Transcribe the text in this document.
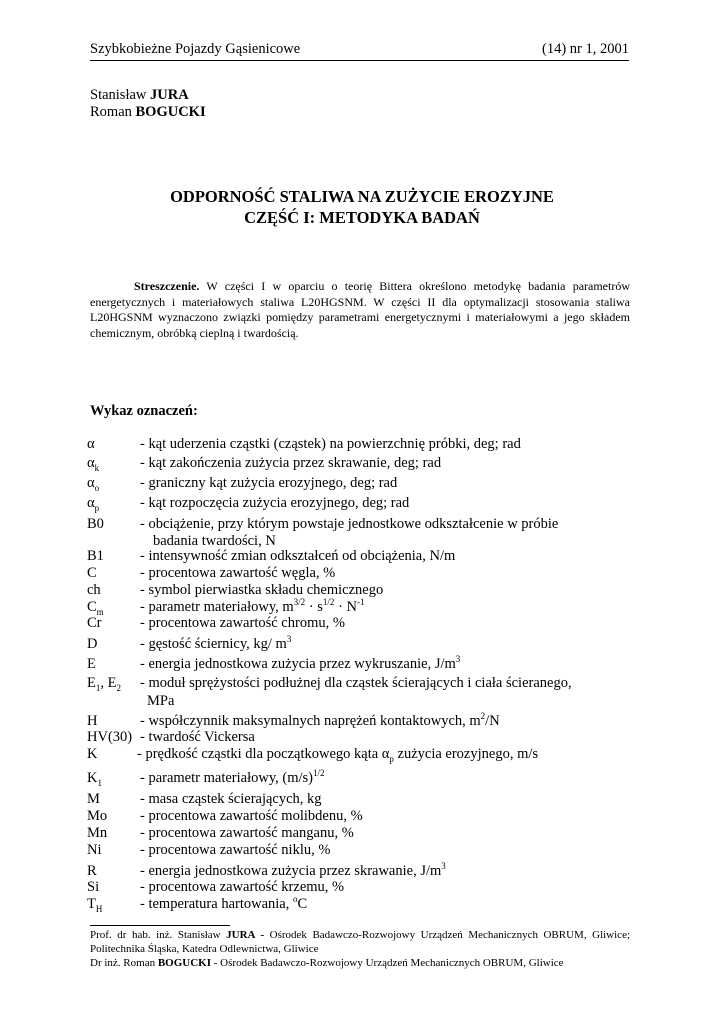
Szybkobieżne Pojazdy Gąsienicowe	(14) nr 1, 2001
Stanisław JURA
Roman BOGUCKI
ODPORNOŚĆ STALIWA NA ZUŻYCIE EROZYJNE
CZĘŚĆ I: METODYKA BADAŃ
Streszczenie. W części I w oparciu o teorię Bittera określono metodykę badania parametrów energetycznych i materiałowych staliwa L20HGSNM. W części II dla optymalizacji stosowania staliwa L20HGSNM wyznaczono związki pomiędzy parametrami energetycznymi i materiałowymi a jego składem chemicznym, obróbką cieplną i twardością.
Wykaz oznaczeń:
α	- kąt uderzenia cząstki (cząstek) na powierzchnię próbki, deg; rad
$\alpha_k$	- kąt zakończenia zużycia przez skrawanie, deg; rad
$\alpha_o$	- graniczny kąt zużycia erozyjnego, deg; rad
$\alpha_p$	- kąt rozpoczęcia zużycia erozyjnego, deg; rad
B0 - obciążenie, przy którym powstaje jednostkowe odkształcenie w próbie
badania twardości, N
B1 - intensywność zmian odkształceń od obciążenia, N/m
C	- procentowa zawartość węgla, %
ch	- symbol pierwiastka składu chemicznego
$C_m$	- parametr materiałowy, $m^{3/2} \cdot s^{1/2} \cdot N^{-1}$
Cr	- procentowa zawartość chromu, %
D	- gęstość ściernicy, kg/ $m^3$
E	- energia jednostkowa zużycia przez wykruszanie, $J/m^3$
$E_1$, $E_2$ - moduł sprężystości podłużnej dla cząstek ścierających i ciała ścieranego,
MPa
H	- współczynnik maksymalnych naprężeń kontaktowych, $m^2/N$
HV(30) - twardość Vickersa
K	- prędkość cząstki dla początkowego kąta $\alpha_p$ zużycia erozyjnego, m/s
$K_1$	- parametr materiałowy, $(m/s)^{1/2}$
M	- masa cząstek ścierających, kg
Mo - procentowa zawartość molibdenu, %
Mn - procentowa zawartość manganu, %
Ni	- procentowa zawartość niklu, %
R	- energia jednostkowa zużycia przez skrawanie, $J/m^3$
Si	- procentowa zawartość krzemu, %
$T_H$	- temperatura hartowania, $^o$C

Prof. dr hab. inż. Stanisław JURA - Ośrodek Badawczo-Rozwojowy Urządzeń Mechanicznych OBRUM, Gliwice; Politechnika Śląska, Katedra Odlewnictwa, Gliwice

Dr inż. Roman BOGUCKI - Ośrodek Badawczo-Rozwojowy Urządzeń Mechanicznych OBRUM, Gliwice
